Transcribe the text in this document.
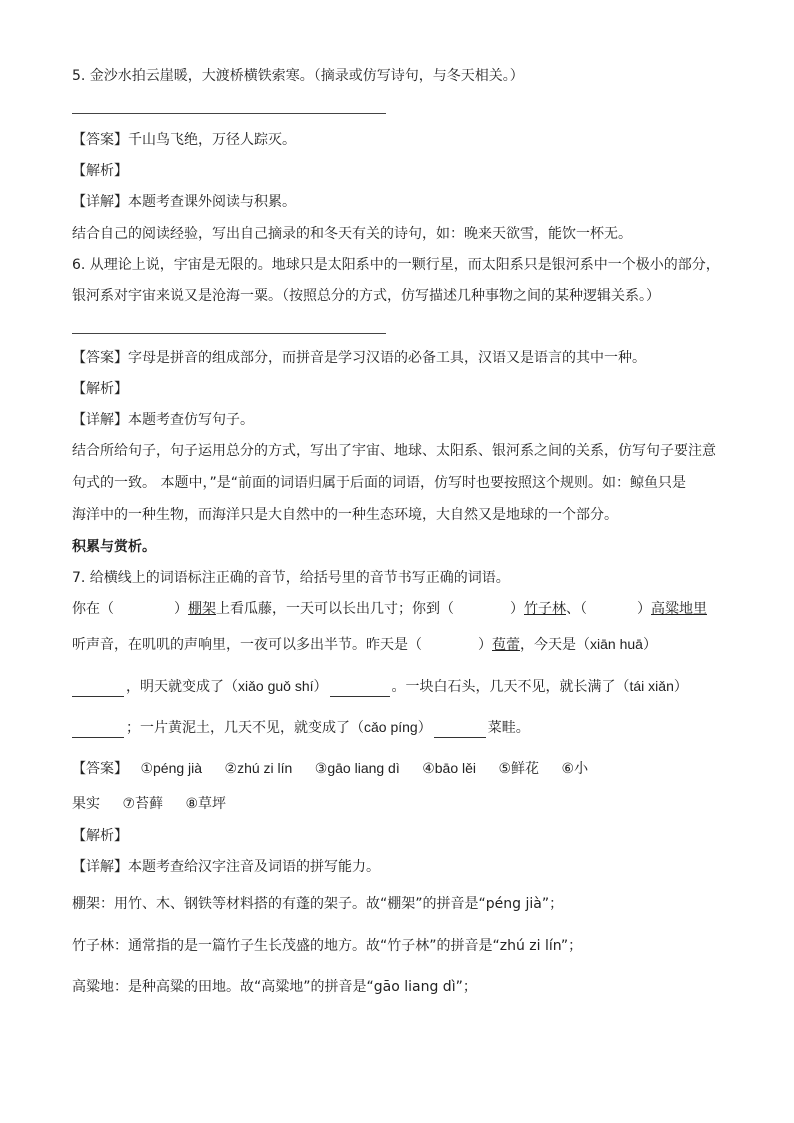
5. 金沙水拍云崖暖，大渡桥横铁索寒。（摘录或仿写诗句，与冬天相关。）
【答案】千山鸟飞绝，万径人踪灭。
【解析】
【详解】本题考查课外阅读与积累。
结合自己的阅读经验，写出自己摘录的和冬天有关的诗句，如：晚来天欲雪，能饮一杯无。
6. 从理论上说，宇宙是无限的。地球只是太阳系中的一颗行星，而太阳系只是银河系中一个极小的部分，
银河系对宇宙来说又是沧海一粟。（按照总分的方式，仿写描述几种事物之间的某种逻辑关系。）
【答案】字母是拼音的组成部分，而拼音是学习汉语的必备工具，汉语又是语言的其中一种。
【解析】
【详解】本题考查仿写句子。
结合所给句子，句子运用总分的方式，写出了宇宙、地球、太阳系、银河系之间的关系，仿写句子要注意
句式的一致。 本题中，”是“前面的词语归属于后面的词语，仿写时也要按照这个规则。如：鲸鱼只是
海洋中的一种生物，而海洋只是大自然中的一种生态环境，大自然又是地球的一个部分。
积累与赏析。
7. 给横线上的词语标注正确的音节，给括号里的音节书写正确的词语。
你在（	）棚架上看瓜藤，一天可以长出几寸；你到（	）竹子林、（	）高粱地里
听声音，在叽叽的声响里，一夜可以多出半节。昨天是（	）苞蕾，今天是（xiān huā）
，明天就变成了（xiǎo guǒ shí）	。一块白石头，几天不见，就长满了（tái xiǎn）
；一片黄泥土，几天不见，就变成了（cǎo píng）	菜畦。
【答案】 ①péng jià ②zhú zi lín ③gāo liang dì ④bāo lěi ⑤鲜花 ⑥小
果实 ⑦苔藓 ⑧草坪
【解析】
【详解】本题考查给汉字注音及词语的拼写能力。
棚架：用竹、木、钢铁等材料搭的有蓬的架子。故“棚架”的拼音是“péng jià”；
竹子林：通常指的是一篇竹子生长茂盛的地方。故“竹子林”的拼音是“zhú zi lín”；
高粱地：是种高粱的田地。故“高粱地”的拼音是“gāo liang dì”；
